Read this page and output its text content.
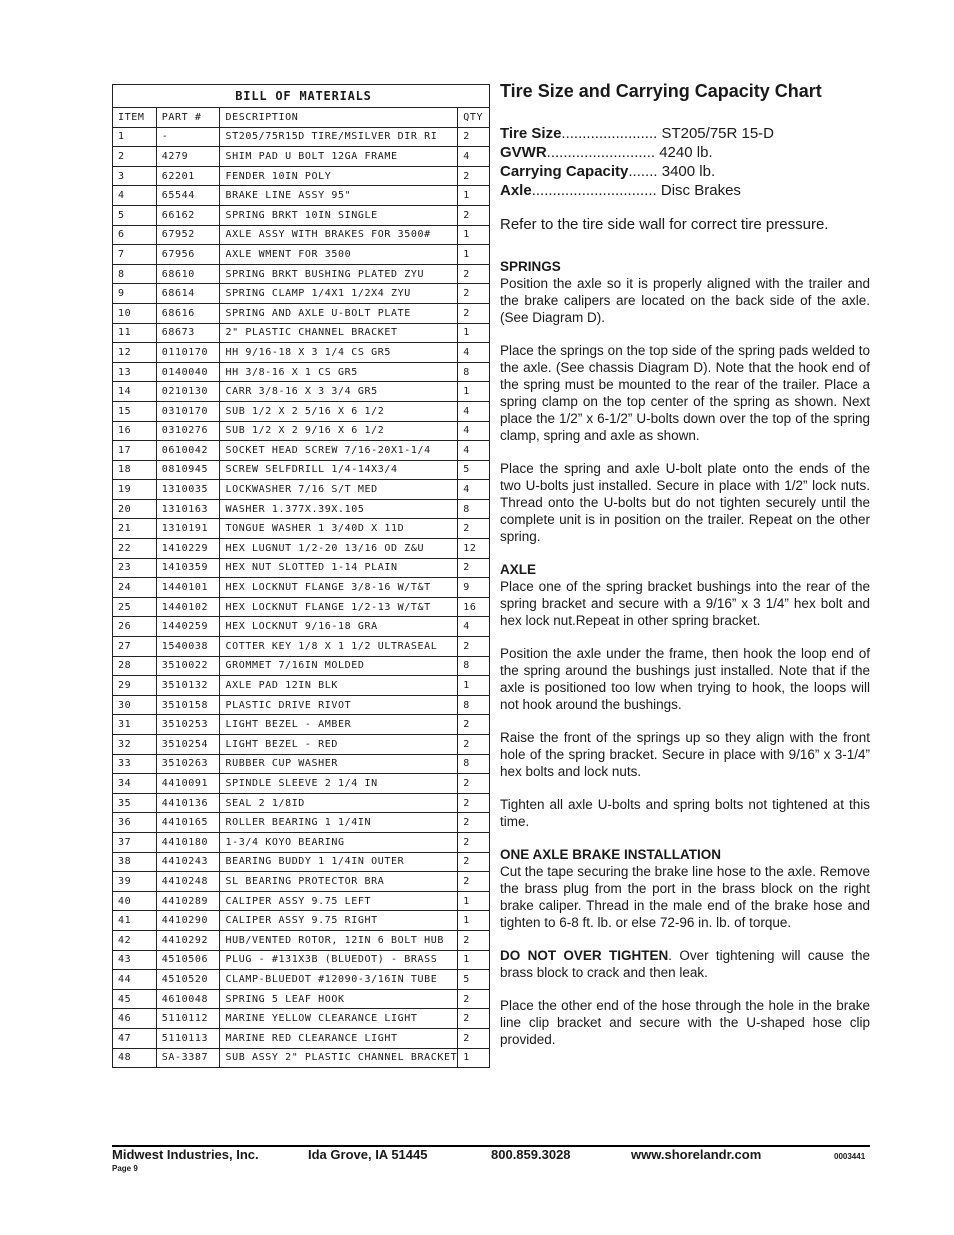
BILL OF MATERIALS			
ITEM	PART #	DESCRIPTION	QTY
1	-	ST205/75R15D TIRE/MSILVER DIR RI	2
2	4279	SHIM PAD U BOLT 12GA FRAME	4
3	62201	FENDER 10IN POLY	2
4	65544	BRAKE LINE ASSY 95"	1
5	66162	SPRING BRKT 10IN SINGLE	2
6	67952	AXLE ASSY WITH BRAKES FOR 3500#	1
7	67956	AXLE WMENT FOR 3500	1
8	68610	SPRING BRKT BUSHING PLATED ZYU	2
9	68614	SPRING CLAMP 1/4X1 1/2X4 ZYU	2
10	68616	SPRING AND AXLE U-BOLT PLATE	2
11	68673	2" PLASTIC CHANNEL BRACKET	1
12	0110170	HH 9/16-18 X 3 1/4 CS GR5	4
13	0140040	HH 3/8-16 X 1 CS GR5	8
14	0210130	CARR 3/8-16 X 3 3/4 GR5	1
15	0310170	SUB 1/2 X 2 5/16 X 6 1/2	4
16	0310276	SUB 1/2 X 2 9/16 X 6 1/2	4
17	0610042	SOCKET HEAD SCREW 7/16-20X1-1/4	4
18	0810945	SCREW SELFDRILL 1/4-14X3/4	5
19	1310035	LOCKWASHER 7/16 S/T MED	4
20	1310163	WASHER 1.377X.39X.105	8
21	1310191	TONGUE WASHER 1 3/40D X 11D	2
22	1410229	HEX LUGNUT 1/2-20 13/16 OD Z&U	12
23	1410359	HEX NUT SLOTTED 1-14 PLAIN	2
24	1440101	HEX LOCKNUT FLANGE 3/8-16 W/T&T	9
25	1440102	HEX LOCKNUT FLANGE 1/2-13 W/T&T	16
26	1440259	HEX LOCKNUT 9/16-18 GRA	4
27	1540038	COTTER KEY 1/8 X 1 1/2 ULTRASEAL	2
28	3510022	GROMMET 7/16IN MOLDED	8
29	3510132	AXLE PAD 12IN BLK	1
30	3510158	PLASTIC DRIVE RIVOT	8
31	3510253	LIGHT BEZEL - AMBER	2
32	3510254	LIGHT BEZEL - RED	2
33	3510263	RUBBER CUP WASHER	8
34	4410091	SPINDLE SLEEVE 2 1/4 IN	2
35	4410136	SEAL 2 1/8ID	2
36	4410165	ROLLER BEARING 1 1/4IN	2
37	4410180	1-3/4 KOYO BEARING	2
38	4410243	BEARING BUDDY 1 1/4IN OUTER	2
39	4410248	SL BEARING PROTECTOR BRA	2
40	4410289	CALIPER ASSY 9.75 LEFT	1
41	4410290	CALIPER ASSY 9.75 RIGHT	1
42	4410292	HUB/VENTED ROTOR, 12IN 6 BOLT HUB	2
43	4510506	PLUG - #131X3B (BLUEDOT) - BRASS	1
44	4510520	CLAMP-BLUEDOT #12090-3/16IN TUBE	5
45	4610048	SPRING 5 LEAF HOOK	2
46	5110112	MARINE YELLOW CLEARANCE LIGHT	2
47	5110113	MARINE RED CLEARANCE LIGHT	2
48	SA-3387	SUB ASSY 2" PLASTIC CHANNEL BRACKET	1
Tire Size and Carrying Capacity Chart
Tire Size....................... ST205/75R 15-D
GVWR.......................... 4240 lb.
Carrying Capacity....... 3400 lb.
Axle.............................. Disc Brakes
Refer to the tire side wall for correct tire pressure.
SPRINGS

Position the axle so it is properly aligned with the trailer and the brake calipers are located on the back side of the axle. (See Diagram D).

Place the springs on the top side of the spring pads welded to the axle. (See chassis Diagram D). Note that the hook end of the spring must be mounted to the rear of the trailer. Place a spring clamp on the top center of the spring as shown. Next place the 1/2” x 6-1/2” U-bolts down over the top of the spring clamp, spring and axle as shown.

Place the spring and axle U-bolt plate onto the ends of the two U-bolts just installed. Secure in place with 1/2” lock nuts. Thread onto the U-bolts but do not tighten securely until the complete unit is in position on the trailer. Repeat on the other spring.

AXLE

Place one of the spring bracket bushings into the rear of the spring bracket and secure with a 9/16” x 3 1/4” hex bolt and hex lock nut.Repeat in other spring bracket.

Position the axle under the frame, then hook the loop end of the spring around the bushings just installed. Note that if the axle is positioned too low when trying to hook, the loops will not hook around the bushings.

Raise the front of the springs up so they align with the front hole of the spring bracket. Secure in place with 9/16” x 3-1/4” hex bolts and lock nuts.

Tighten all axle U-bolts and spring bolts not tightened at this time.

ONE AXLE BRAKE INSTALLATION

Cut the tape securing the brake line hose to the axle. Remove the brass plug from the port in the brass block on the right brake caliper. Thread in the male end of the brake hose and tighten to 6-8 ft. lb. or else 72-96 in. lb. of torque.

DO NOT OVER TIGHTEN. Over tightening will cause the brass block to crack and then leak.

Place the other end of the hose through the hole in the brake line clip bracket and secure with the U-shaped hose clip provided.

Midwest Industries, Inc.	Ida Grove, IA 51445	800.859.3028	www.shorelandr.com	0003441
Page 9
